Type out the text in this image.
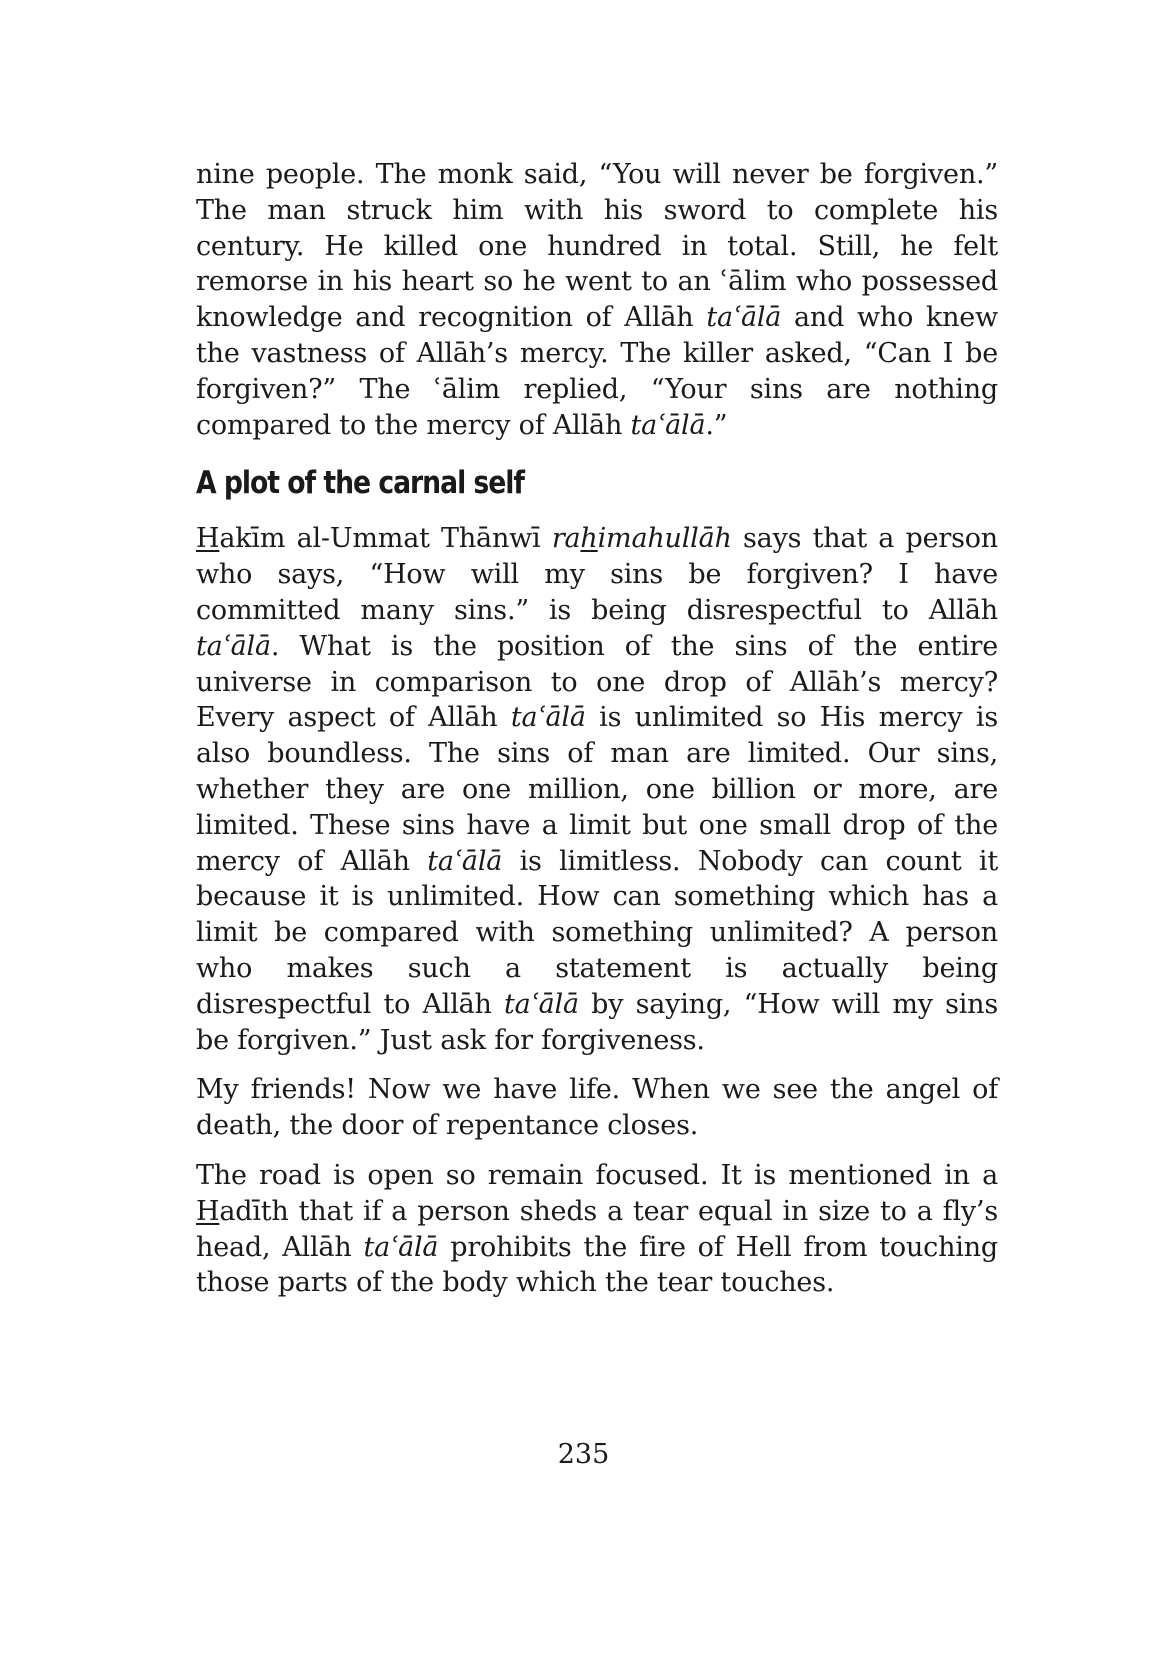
nine people. The monk said, “You will never be forgiven.” The man struck him with his sword to complete his century. He killed one hundred in total. Still, he felt remorse in his heart so he went to an ʿālim who possessed knowledge and recognition of Allāh taʿālā and who knew the vastness of Allāh’s mercy. The killer asked, “Can I be forgiven?” The ʿālim replied, “Your sins are nothing compared to the mercy of Allāh taʿālā.”

A plot of the carnal self

Hakīm al-Ummat Thānwī rahimahullāh says that a person who says, “How will my sins be forgiven? I have committed many sins.” is being disrespectful to Allāh taʿālā. What is the position of the sins of the entire universe in comparison to one drop of Allāh’s mercy? Every aspect of Allāh taʿālā is unlimited so His mercy is also boundless. The sins of man are limited. Our sins, whether they are one million, one billion or more, are limited. These sins have a limit but one small drop of the mercy of Allāh taʿālā is limitless. Nobody can count it because it is unlimited. How can something which has a limit be compared with something unlimited? A person who makes such a statement is actually being disrespectful to Allāh taʿālā by saying, “How will my sins be forgiven.” Just ask for forgiveness.

My friends! Now we have life. When we see the angel of death, the door of repentance closes.

The road is open so remain focused. It is mentioned in a Hadīth that if a person sheds a tear equal in size to a fly’s head, Allāh taʿālā prohibits the fire of Hell from touching those parts of the body which the tear touches.

235
